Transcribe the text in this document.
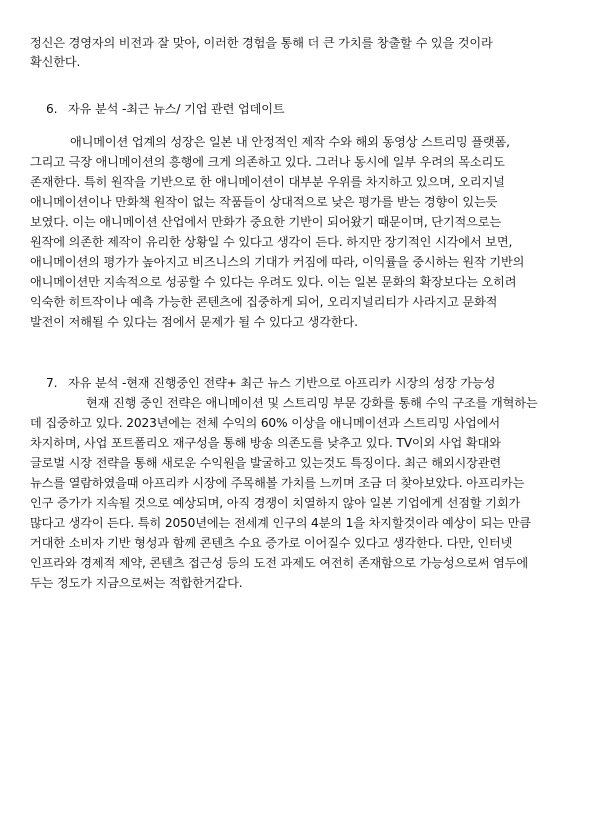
정신은 경영자의 비전과 잘 맞아, 이러한 경험을 통해 더 큰 가치를 창출할 수 있을 것이라
확신한다.
6. 자유 분석 -최근 뉴스/ 기업 관련 업데이트
애니메이션 업계의 성장은 일본 내 안정적인 제작 수와 해외 동영상 스트리밍 플랫폼,
그리고 극장 애니메이션의 흥행에 크게 의존하고 있다. 그러나 동시에 일부 우려의 목소리도
존재한다. 특히 원작을 기반으로 한 애니메이션이 대부분 우위를 차지하고 있으며, 오리지널
애니메이션이나 만화책 원작이 없는 작품들이 상대적으로 낮은 평가를 받는 경향이 있는듯
보였다. 이는 애니메이션 산업에서 만화가 중요한 기반이 되어왔기 때문이며, 단기적으로는
원작에 의존한 제작이 유리한 상황일 수 있다고 생각이 든다. 하지만 장기적인 시각에서 보면,
애니메이션의 평가가 높아지고 비즈니스의 기대가 커짐에 따라, 이익률을 중시하는 원작 기반의
애니메이션만 지속적으로 성공할 수 있다는 우려도 있다. 이는 일본 문화의 확장보다는 오히려
익숙한 히트작이나 예측 가능한 콘텐츠에 집중하게 되어, 오리지널리티가 사라지고 문화적
발전이 저해될 수 있다는 점에서 문제가 될 수 있다고 생각한다.
7. 자유 분석 -현재 진행중인 전략+ 최근 뉴스 기반으로 아프리카 시장의 성장 가능성
현재 진행 중인 전략은 애니메이션 및 스트리밍 부문 강화를 통해 수익 구조를 개혁하는
데 집중하고 있다. 2023년에는 전체 수익의 60% 이상을 애니메이션과 스트리밍 사업에서
차지하며, 사업 포트폴리오 재구성을 통해 방송 의존도를 낮추고 있다. TV이외 사업 확대와
글로벌 시장 전략을 통해 새로운 수익원을 발굴하고 있는것도 특징이다. 최근 해외시장관련
뉴스를 열람하였을때 아프리카 시장에 주목해볼 가치를 느끼며 조금 더 찾아보았다. 아프리카는
인구 증가가 지속될 것으로 예상되며, 아직 경쟁이 치열하지 않아 일본 기업에게 선점할 기회가
많다고 생각이 든다. 특히 2050년에는 전세계 인구의 4분의 1을 차지할것이라 예상이 되는 만큼
거대한 소비자 기반 형성과 함께 콘텐츠 수요 증가로 이어질수 있다고 생각한다. 다만, 인터넷
인프라와 경제적 제약, 콘텐츠 접근성 등의 도전 과제도 여전히 존재함으로 가능성으로써 염두에
두는 정도가 지금으로써는 적합한거같다.
